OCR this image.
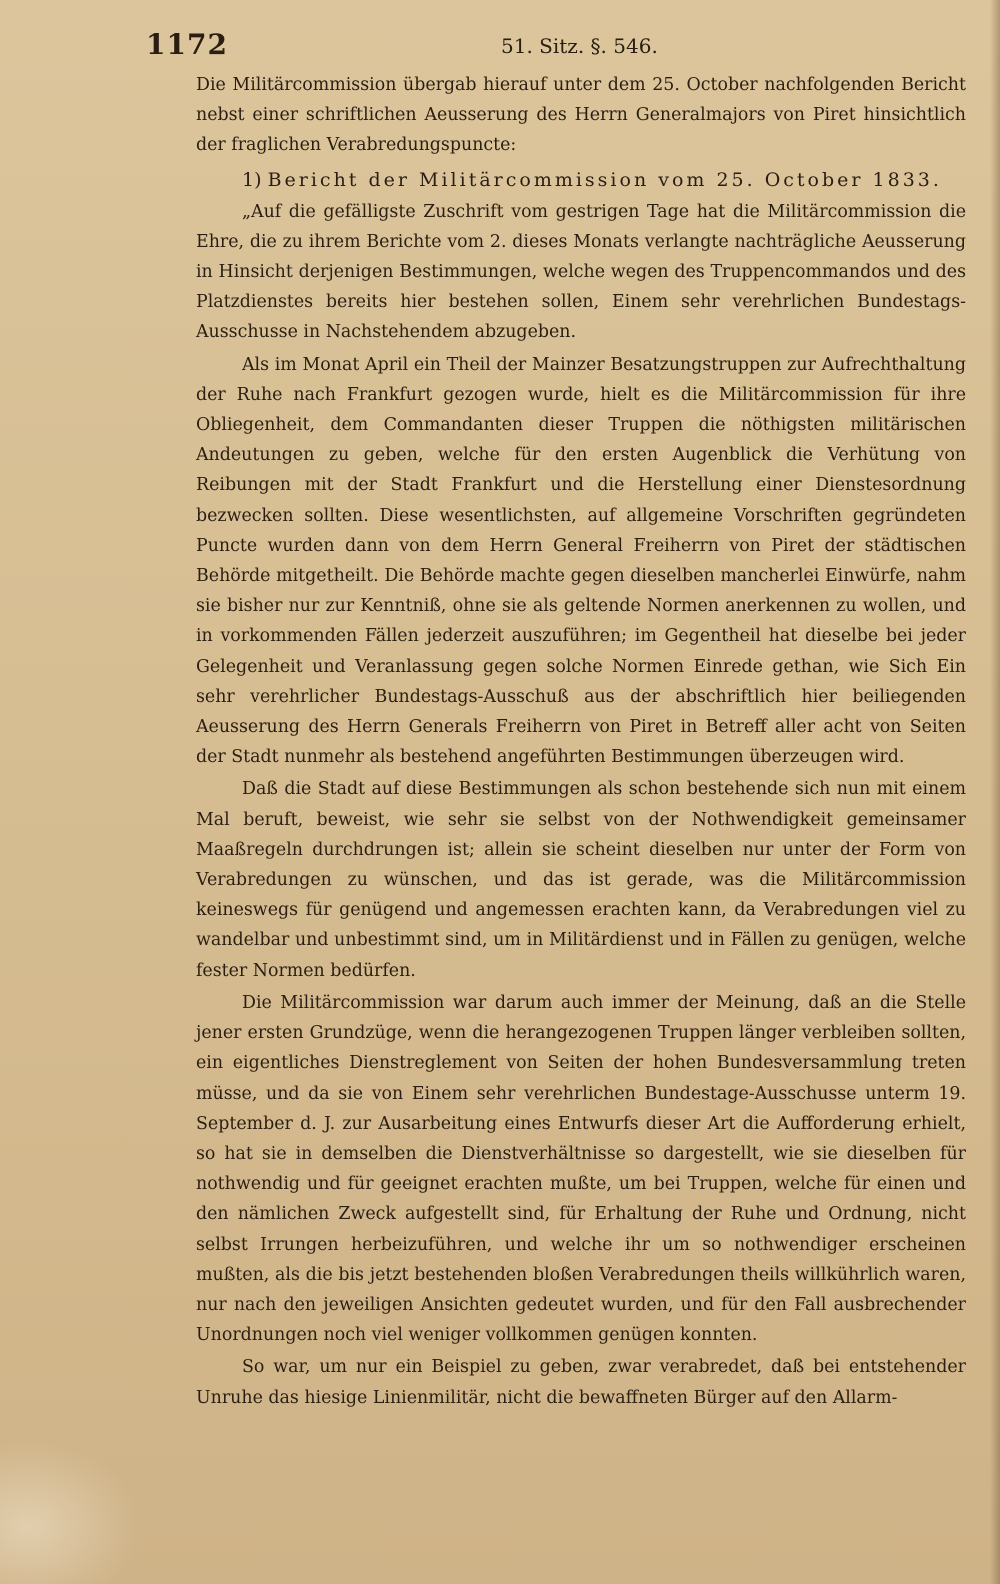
1172	51. Sitz. §. 546.

Die Militärcommission übergab hierauf unter dem 25. October nachfolgenden Bericht nebst einer schriftlichen Aeusserung des Herrn Generalmajors von Piret hinsichtlich der fraglichen Verabredungspuncte:

1) Bericht der Militärcommission vom 25. October 1833.

„Auf die gefälligste Zuschrift vom gestrigen Tage hat die Militärcommission die Ehre, die zu ihrem Berichte vom 2. dieses Monats verlangte nachträgliche Aeusserung in Hinsicht derjenigen Bestimmungen, welche wegen des Truppencommandos und des Platzdienstes bereits hier bestehen sollen, Einem sehr verehrlichen Bundestags-Ausschusse in Nachstehendem abzugeben.

Als im Monat April ein Theil der Mainzer Besatzungstruppen zur Aufrechthaltung der Ruhe nach Frankfurt gezogen wurde, hielt es die Militärcommission für ihre Obliegenheit, dem Commandanten dieser Truppen die nöthigsten militärischen Andeutungen zu geben, welche für den ersten Augenblick die Verhütung von Reibungen mit der Stadt Frankfurt und die Herstellung einer Dienstesordnung bezwecken sollten. Diese wesentlichsten, auf allgemeine Vorschriften gegründeten Puncte wurden dann von dem Herrn General Freiherrn von Piret der städtischen Behörde mitgetheilt. Die Behörde machte gegen dieselben mancherlei Einwürfe, nahm sie bisher nur zur Kenntniß, ohne sie als geltende Normen anerkennen zu wollen, und in vorkommenden Fällen jederzeit auszuführen; im Gegentheil hat dieselbe bei jeder Gelegenheit und Veranlassung gegen solche Normen Einrede gethan, wie Sich Ein sehr verehrlicher Bundestags-Ausschuß aus der abschriftlich hier beiliegenden Aeusserung des Herrn Generals Freiherrn von Piret in Betreff aller acht von Seiten der Stadt nunmehr als bestehend angeführten Bestimmungen überzeugen wird.

Daß die Stadt auf diese Bestimmungen als schon bestehende sich nun mit einem Mal beruft, beweist, wie sehr sie selbst von der Nothwendigkeit gemeinsamer Maaßregeln durchdrungen ist; allein sie scheint dieselben nur unter der Form von Verabredungen zu wünschen, und das ist gerade, was die Militärcommission keineswegs für genügend und angemessen erachten kann, da Verabredungen viel zu wandelbar und unbestimmt sind, um in Militärdienst und in Fällen zu genügen, welche fester Normen bedürfen.

Die Militärcommission war darum auch immer der Meinung, daß an die Stelle jener ersten Grundzüge, wenn die herangezogenen Truppen länger verbleiben sollten, ein eigentliches Dienstreglement von Seiten der hohen Bundesversammlung treten müsse, und da sie von Einem sehr verehrlichen Bundestage-Ausschusse unterm 19. September d. J. zur Ausarbeitung eines Entwurfs dieser Art die Aufforderung erhielt, so hat sie in demselben die Dienstverhältnisse so dargestellt, wie sie dieselben für nothwendig und für geeignet erachten mußte, um bei Truppen, welche für einen und den nämlichen Zweck aufgestellt sind, für Erhaltung der Ruhe und Ordnung, nicht selbst Irrungen herbeizuführen, und welche ihr um so nothwendiger erscheinen mußten, als die bis jetzt bestehenden bloßen Verabredungen theils willkührlich waren, nur nach den jeweiligen Ansichten gedeutet wurden, und für den Fall ausbrechender Unordnungen noch viel weniger vollkommen genügen konnten.

So war, um nur ein Beispiel zu geben, zwar verabredet, daß bei entstehender Unruhe das hiesige Linienmilitär, nicht die bewaffneten Bürger auf den Allarm-
